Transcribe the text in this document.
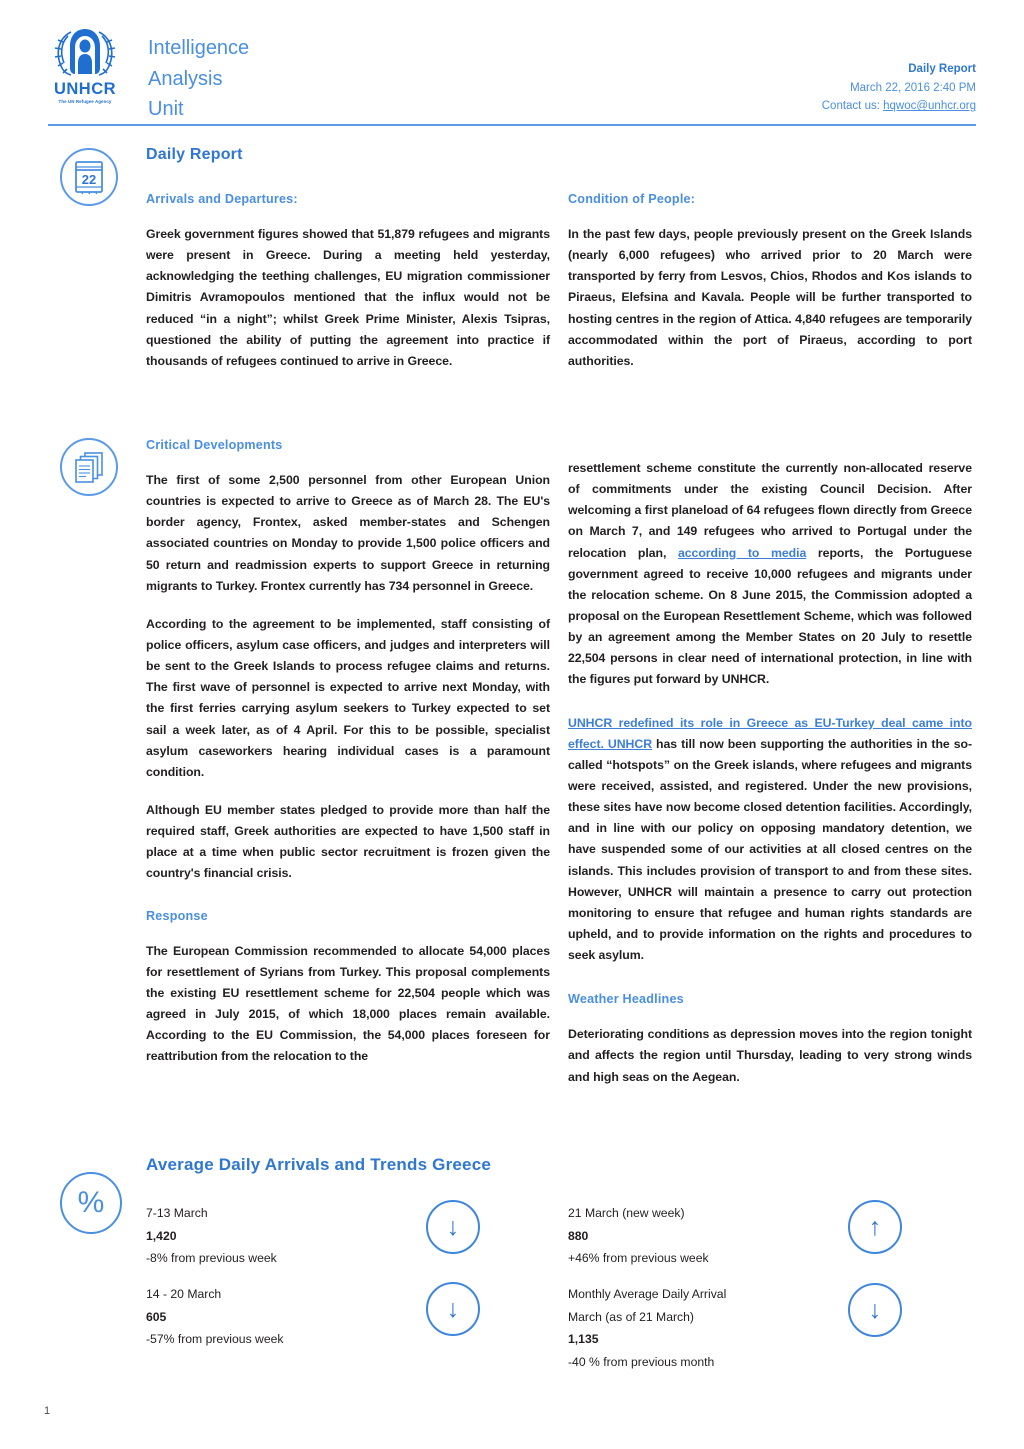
UNHCR
The UN Refugee Agency
Intelligence
Analysis
Unit
Daily Report
March 22, 2016 2:40 PM
Contact us: hqwoc@unhcr.org
22
Daily Report
Arrivals and Departures:

Greek government figures showed that 51,879 refugees and migrants were present in Greece. During a meeting held yesterday, acknowledging the teething challenges, EU migration commissioner Dimitris Avramopoulos mentioned that the influx would not be reduced “in a night”; whilst Greek Prime Minister, Alexis Tsipras, questioned the ability of putting the agreement into practice if thousands of refugees continued to arrive in Greece.

Condition of People:

In the past few days, people previously present on the Greek Islands (nearly 6,000 refugees) who arrived prior to 20 March were transported by ferry from Lesvos, Chios, Rhodos and Kos islands to Piraeus, Elefsina and Kavala. People will be further transported to hosting centres in the region of Attica. 4,840 refugees are temporarily accommodated within the port of Piraeus, according to port authorities.

Critical Developments

The first of some 2,500 personnel from other European Union countries is expected to arrive to Greece as of March 28. The EU's border agency, Frontex, asked member-states and Schengen associated countries on Monday to provide 1,500 police officers and 50 return and readmission experts to support Greece in returning migrants to Turkey. Frontex currently has 734 personnel in Greece.

According to the agreement to be implemented, staff consisting of police officers, asylum case officers, and judges and interpreters will be sent to the Greek Islands to process refugee claims and returns. The first wave of personnel is expected to arrive next Monday, with the first ferries carrying asylum seekers to Turkey expected to set sail a week later, as of 4 April. For this to be possible, specialist asylum caseworkers hearing individual cases is a paramount condition.

Although EU member states pledged to provide more than half the required staff, Greek authorities are expected to have 1,500 staff in place at a time when public sector recruitment is frozen given the country's financial crisis.

Response

The European Commission recommended to allocate 54,000 places for resettlement of Syrians from Turkey. This proposal complements the existing EU resettlement scheme for 22,504 people which was agreed in July 2015, of which 18,000 places remain available. According to the EU Commission, the 54,000 places foreseen for reattribution from the relocation to the

resettlement scheme constitute the currently non-allocated reserve of commitments under the existing Council Decision. After welcoming a first planeload of 64 refugees flown directly from Greece on March 7, and 149 refugees who arrived to Portugal under the relocation plan, according to media reports, the Portuguese government agreed to receive 10,000 refugees and migrants under the relocation scheme. On 8 June 2015, the Commission adopted a proposal on the European Resettlement Scheme, which was followed by an agreement among the Member States on 20 July to resettle 22,504 persons in clear need of international protection, in line with the figures put forward by UNHCR.

UNHCR redefined its role in Greece as EU-Turkey deal came into effect. UNHCR has till now been supporting the authorities in the so-called “hotspots” on the Greek islands, where refugees and migrants were received, assisted, and registered. Under the new provisions, these sites have now become closed detention facilities. Accordingly, and in line with our policy on opposing mandatory detention, we have suspended some of our activities at all closed centres on the islands. This includes provision of transport to and from these sites. However, UNHCR will maintain a presence to carry out protection monitoring to ensure that refugee and human rights standards are upheld, and to provide information on the rights and procedures to seek asylum.

Weather Headlines

Deteriorating conditions as depression moves into the region tonight and affects the region until Thursday, leading to very strong winds and high seas on the Aegean.

%
Average Daily Arrivals and Trends Greece
7-13 March
1,420
-8% from previous week
↓
14 - 20 March
605
-57% from previous week
↓
21 March (new week)
880
+46% from previous week
↑
Monthly Average Daily Arrival
March (as of 21 March)
1,135
-40 % from previous month
↓
1
